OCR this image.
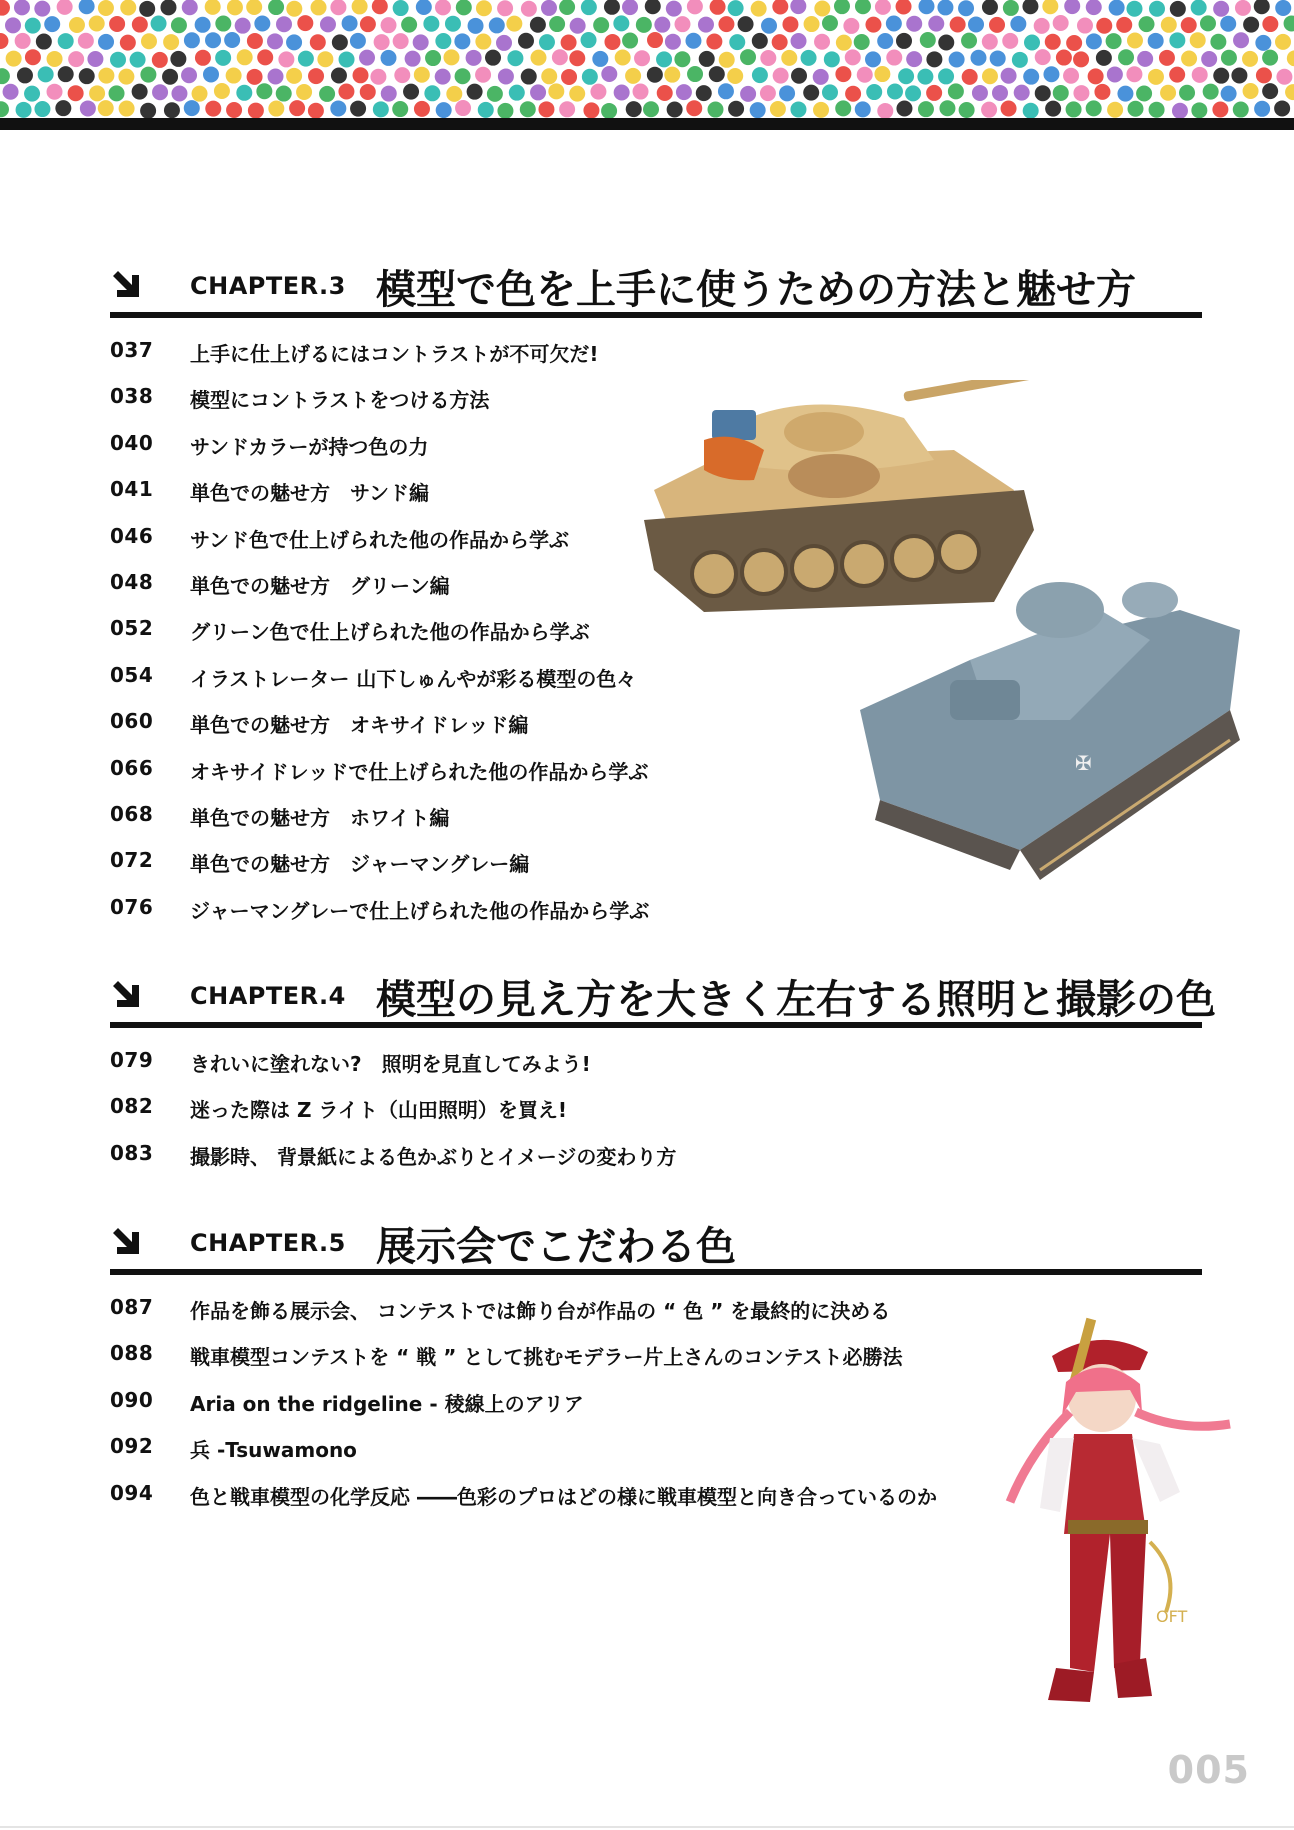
CHAPTER.3 模型で色を上手に使うための方法と魅せ方
037 上手に仕上げるにはコントラストが不可欠だ!
038 模型にコントラストをつける方法
040 サンドカラーが持つ色の力
041 単色での魅せ方　サンド編
046 サンド色で仕上げられた他の作品から学ぶ
048 単色での魅せ方　グリーン編
052 グリーン色で仕上げられた他の作品から学ぶ
054 イラストレーター 山下しゅんやが彩る模型の色々
060 単色での魅せ方　オキサイドレッド編
066 オキサイドレッドで仕上げられた他の作品から学ぶ
068 単色での魅せ方　ホワイト編
072 単色での魅せ方　ジャーマングレー編
076 ジャーマングレーで仕上げられた他の作品から学ぶ
CHAPTER.4 模型の見え方を大きく左右する照明と撮影の色
079 きれいに塗れない?　照明を見直してみよう!
082 迷った際は Z ライト（山田照明）を買え!
083 撮影時、 背景紙による色かぶりとイメージの変わり方
CHAPTER.5 展示会でこだわる色
087 作品を飾る展示会、 コンテストでは飾り台が作品の “ 色 ” を最終的に決める
088 戦車模型コンテストを “ 戦 ” として挑むモデラー片上さんのコンテスト必勝法
090 Aria on the ridgeline - 稜線上のアリア
092 兵 -Tsuwamono
094 色と戦車模型の化学反応 ――色彩のプロはどの様に戦車模型と向き合っているのか
✠
OFT
005
